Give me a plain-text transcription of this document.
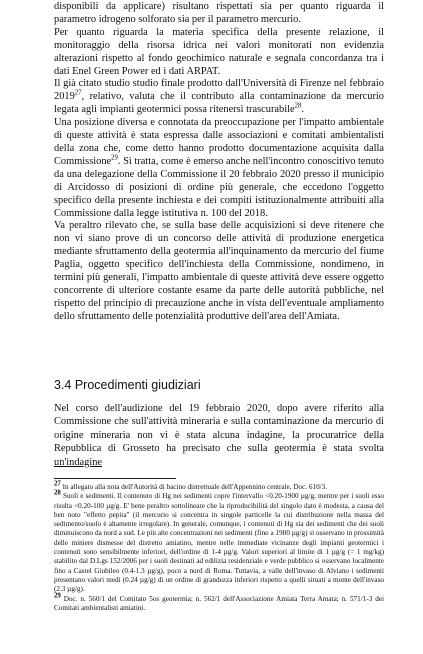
disponibili da applicare) risultano rispettati sia per quanto riguarda il parametro idrogeno solforato sia per il parametro mercurio.

Per quanto riguarda la materia specifica della presente relazione, il monitoraggio della risorsa idrica nei valori monitorati non evidenzia alterazioni rispetto al fondo geochimico naturale e segnala concordanza tra i dati Enel Green Power ed i dati ARPAT.

Il già citato studio studio finale prodotto dall'Università di Firenze nel febbraio 2019$^{27}$, relativo, valuta che il contributo alla contaminazione da mercurio legata agli impianti geotermici possa ritenersi trascurabile$^{28}$.

Una posizione diversa e connotata da preoccupazione per l'impatto ambientale di queste attività è stata espressa dalle associazioni e comitati ambientalisti della zona che, come detto hanno prodotto documentazione acquisita dalla Commissione$^{29}$. Si tratta, come è emerso anche nell'incontro conoscitivo tenuto da una delegazione della Commissione il 20 febbraio 2020 presso il municipio di Arcidosso di posizioni di ordine più generale, che eccedono l'oggetto specifico della presente inchiesta e dei compiti istituzionalmente attribuiti alla Commissione dalla legge istitutiva n. 100 del 2018.

Va peraltro rilevato che, se sulla base delle acquisizioni si deve ritenere che non vi siano prove di un concorso delle attività di produzione energetica mediante sfruttamento della geotermia all'inquinamento da mercurio del fiume Paglia, oggetto specifico dell'inchiesta della Commissione, nondimeno, in termini più generali, l'impatto ambientale di queste attività deve essere oggetto concorrente di ulteriore costante esame da parte delle autorità pubbliche, nel rispetto del principio di precauzione anche in vista dell'eventuale ampliamento dello sfruttamento delle potenzialità produttive dell'area dell'Amiata.

3.4 Procedimenti giudiziari

Nel corso dell'audizione del 19 febbraio 2020, dopo avere riferito alla Commissione che sull'attività mineraria e sulla contaminazione da mercurio di origine mineraria non vi è stata alcuna indagine, la procuratrice della Repubblica di Grosseto ha precisato che sulla geotermia è stata svolta un'indagine

$^{27}$ In allegato alla nota dell'Autorità di bacino distrettuale dell'Appennino centrale, Doc. 610/3.

$^{28}$ Suoli e sedimenti. Il contenuto di Hg nei sedimenti copre l'intervallo <0.20-1900 µg/g, mentre per i suoli esso risulta <0.20-100 µg/g. E' bene peraltro sottolineare che la riproducibilità del singolo dato è modesta, a causa del ben noto "effetto pepita" (il mercurio si concentra in singole particelle la cui distribuzione nella massa del sedimento/suolo è altamente irregolare). In generale, comunque, i contenuti di Hg sia dei sedimenti che dei suoli diminuiscono da nord a sud. Le più alte concentrazioni nei sedimenti (fino a 1900 µg/g) si osservano in prossimità delle miniere dismesse del distretto amiatino, mentre nelle immediate vicinanze degli impianti geotermici i contenuti sono sensibilmente inferiori, dell'ordine di 1-4 µg/g. Valori superiori al limite di 1 µg/g (= 1 mg/kg) stabilito dal D.Lgs 152/2006 per i suoli destinati ad edilizia residenziale e verde pubblico si osservano localmente fino a Castel Giubileo (0.4-1.3 µg/g), poco a nord di Roma. Tuttavia, a valle dell'invaso di Alviano i sedimenti presentano valori medi (0.24 µg/g) di un ordine di grandezza inferiori rispetto a quelli situati a monte dell'invaso (2.3 µg/g).

$^{29}$ Doc. n. 560/1 del Comitato 5os geotermia; n. 562/1 dell'Associazione Amiata Terra Amata; n. 571/1-3 dei Comitati ambientalisti amiatini.
